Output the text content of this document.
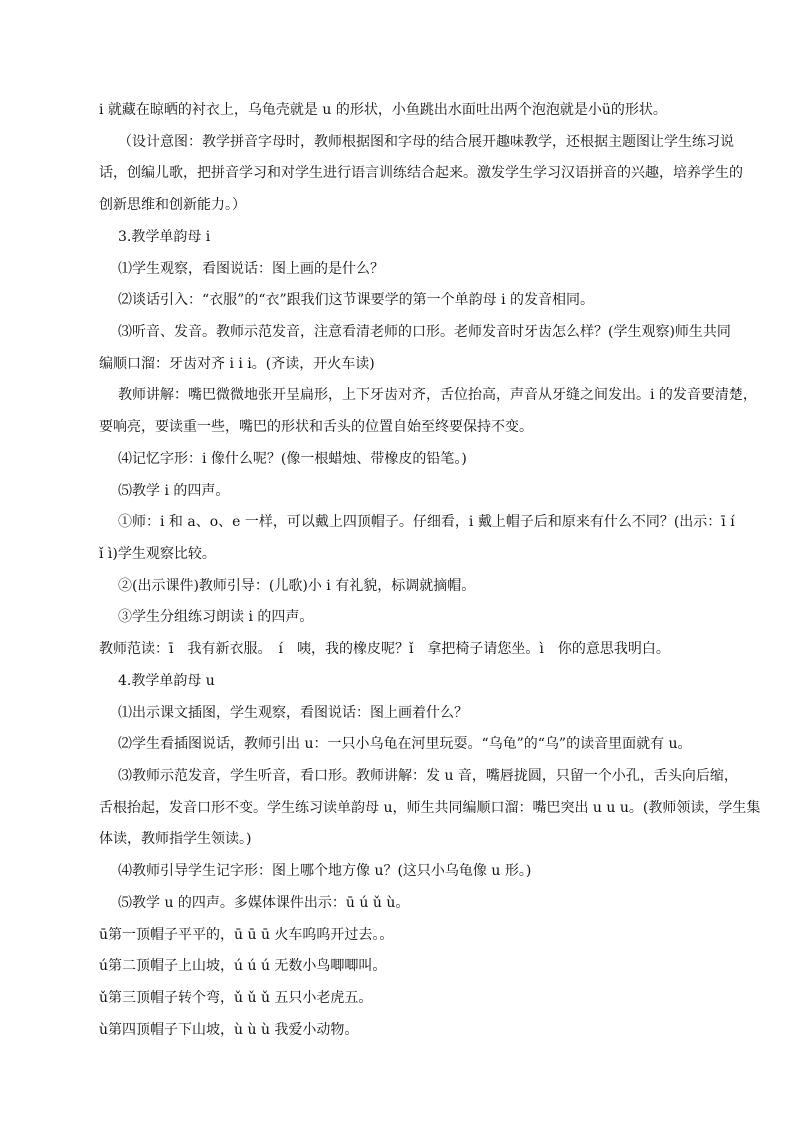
i 就藏在晾晒的衬衣上，乌龟壳就是 u 的形状，小鱼跳出水面吐出两个泡泡就是小ü的形状。
（设计意图：教学拼音字母时，教师根据图和字母的结合展开趣味教学，还根据主题图让学生练习说
话，创编儿歌，把拼音学习和对学生进行语言训练结合起来。激发学生学习汉语拼音的兴趣，培养学生的
创新思维和创新能力。）
3.教学单韵母 i
⑴学生观察，看图说话：图上画的是什么？
⑵谈话引入：“衣服”的“衣”跟我们这节课要学的第一个单韵母 i 的发音相同。
⑶听音、发音。教师示范发音，注意看清老师的口形。老师发音时牙齿怎么样？(学生观察)师生共同
编顺口溜：牙齿对齐 i i i。(齐读，开火车读)
教师讲解：嘴巴微微地张开呈扁形，上下牙齿对齐，舌位抬高，声音从牙缝之间发出。i 的发音要清楚，
要响亮，要读重一些，嘴巴的形状和舌头的位置自始至终要保持不变。
⑷记忆字形：i 像什么呢？(像一根蜡烛、带橡皮的铅笔。)
⑸教学 i 的四声。
①师：i 和 a、o、e 一样，可以戴上四顶帽子。仔细看，i 戴上帽子后和原来有什么不同？(出示：ī í
ǐ ì)学生观察比较。
②(出示课件)教师引导：(儿歌)小 i 有礼貌，标调就摘帽。
③学生分组练习朗读 i 的四声。
教师范读：ī　我有新衣服。　í　咦，我的橡皮呢？ǐ　拿把椅子请您坐。ì　你的意思我明白。
4.教学单韵母 u
⑴出示课文插图，学生观察，看图说话：图上画着什么？
⑵学生看插图说话，教师引出 u：一只小乌龟在河里玩耍。“乌龟”的“乌”的读音里面就有 u。
⑶教师示范发音，学生听音，看口形。教师讲解：发 u 音，嘴唇拢圆，只留一个小孔，舌头向后缩，
舌根抬起，发音口形不变。学生练习读单韵母 u，师生共同编顺口溜：嘴巴突出 u u u。(教师领读，学生集
体读，教师指学生领读。)
⑷教师引导学生记字形：图上哪个地方像 u？(这只小乌龟像 u 形。)
⑸教学 u 的四声。多媒体课件出示：ū ú ǔ ù。
ū第一顶帽子平平的，ū ū ū 火车呜呜开过去。。
ú第二顶帽子上山坡，ú ú ú 无数小鸟唧唧叫。
ǔ第三顶帽子转个弯，ǔ ǔ ǔ 五只小老虎五。
ù第四顶帽子下山坡，ù ù ù 我爱小动物。
